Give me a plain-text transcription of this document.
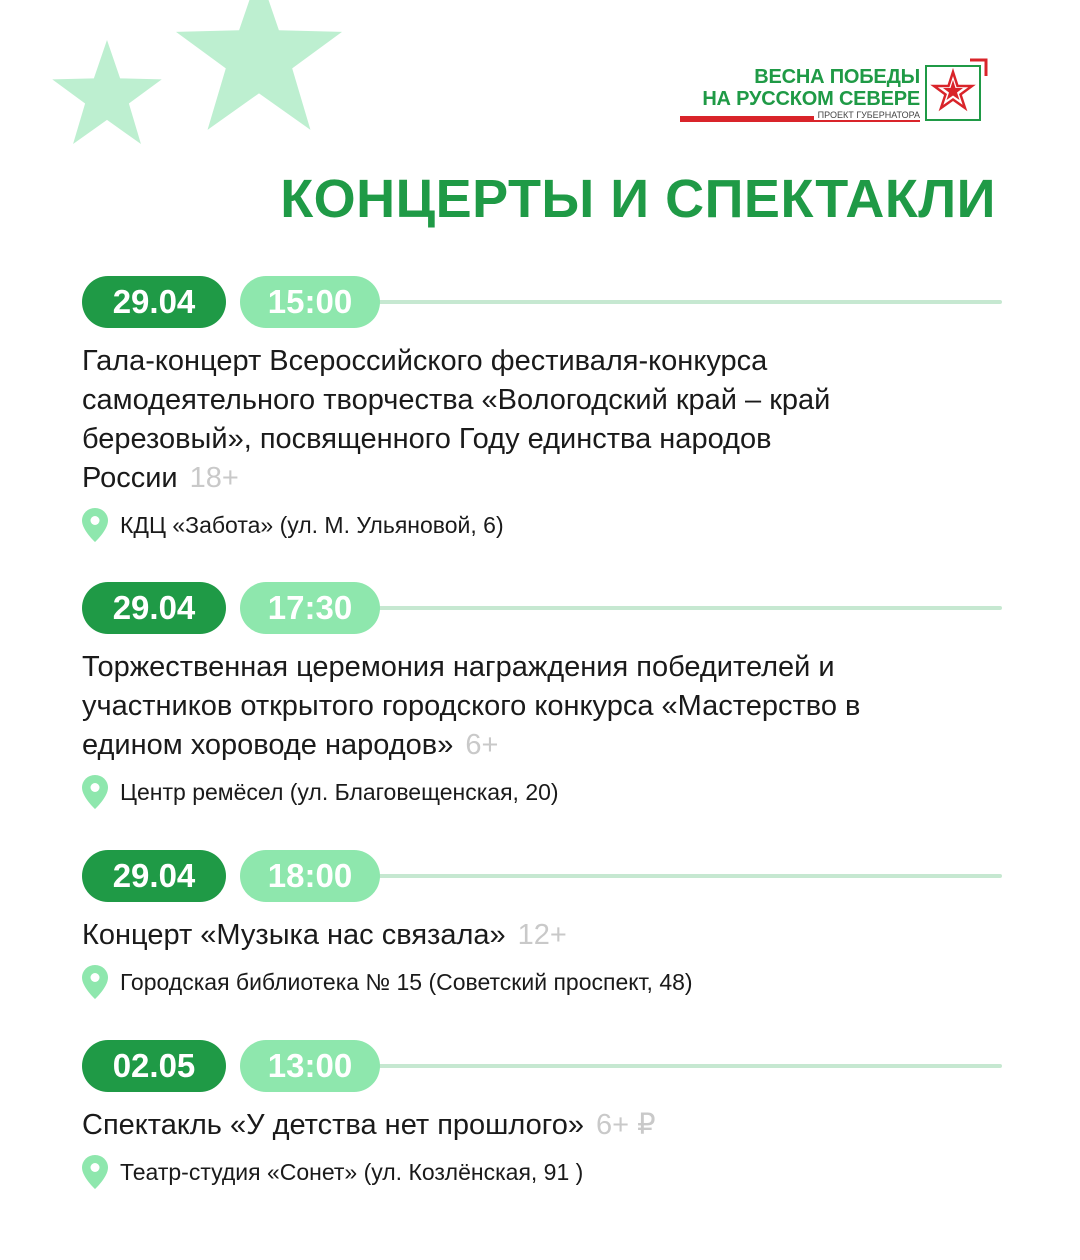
ВЕСНА ПОБЕДЫ
НА РУССКОМ СЕВЕРЕ
ПРОЕКТ ГУБЕРНАТОРА
КОНЦЕРТЫ И СПЕКТАКЛИ
29.04	15:00

Гала-концерт Всероссийского фестиваля-конкурса самодеятельного творчества «Вологодский край – край березовый», посвященного Году единства народов России 18+

КДЦ «Забота» (ул. М. Ульяновой, 6)
29.04	17:30

Торжественная церемония награждения победителей и участников открытого городского конкурса «Мастерство в едином хороводе народов» 6+

Центр ремёсел (ул. Благовещенская, 20)
29.04	18:00

Концерт «Музыка нас связала» 12+

Городская библиотека № 15 (Советский проспект, 48)
02.05	13:00

Спектакль «У детства нет прошлого» 6+ ₽

Театр-студия «Сонет» (ул. Козлёнская, 91 )
